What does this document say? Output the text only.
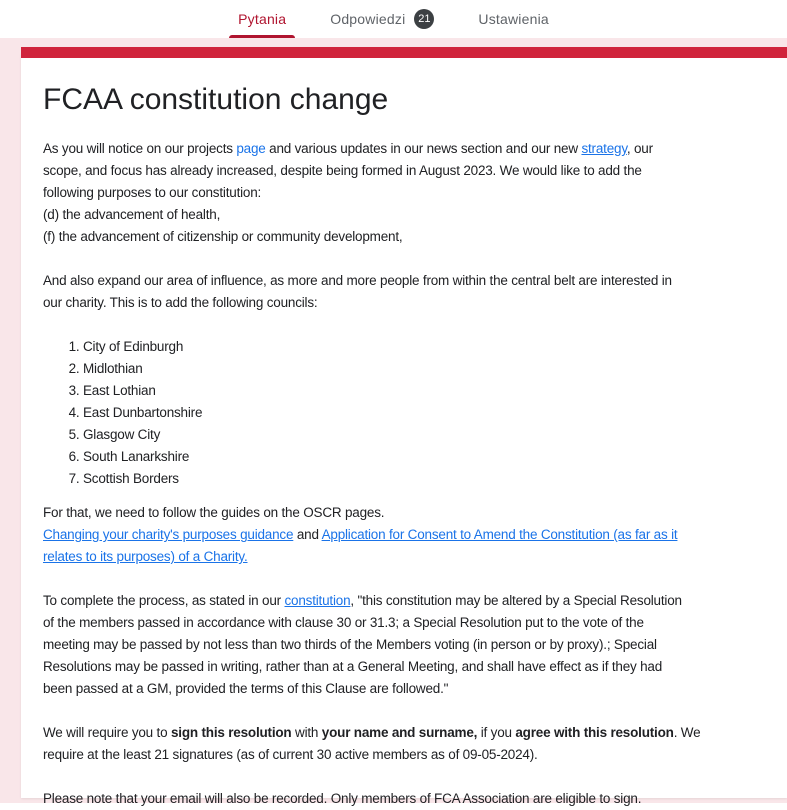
Pytania	Odpowiedzi	21	Ustawienia
FCAA constitution change
As you will notice on our projects page and various updates in our news section and our new strategy, our
scope, and focus has already increased, despite being formed in August 2023. We would like to add the
following purposes to our constitution:
(d) the advancement of health,
(f) the advancement of citizenship or community development,
And also expand our area of influence, as more and more people from within the central belt are interested in
our charity. This is to add the following councils:
1. City of Edinburgh
2. Midlothian
3. East Lothian
4. East Dunbartonshire
5. Glasgow City
6. South Lanarkshire
7. Scottish Borders
For that, we need to follow the guides on the OSCR pages.
Changing your charity's purposes guidance and Application for Consent to Amend the Constitution (as far as it
relates to its purposes) of a Charity.
To complete the process, as stated in our constitution, "this constitution may be altered by a Special Resolution
of the members passed in accordance with clause 30 or 31.3; a Special Resolution put to the vote of the
meeting may be passed by not less than two thirds of the Members voting (in person or by proxy).; Special
Resolutions may be passed in writing, rather than at a General Meeting, and shall have effect as if they had
been passed at a GM, provided the terms of this Clause are followed."
We will require you to sign this resolution with your name and surname, if you agree with this resolution. We
require at the least 21 signatures (as of current 30 active members as of 09-05-2024).
Please note that your email will also be recorded. Only members of FCA Association are eligible to sign.
